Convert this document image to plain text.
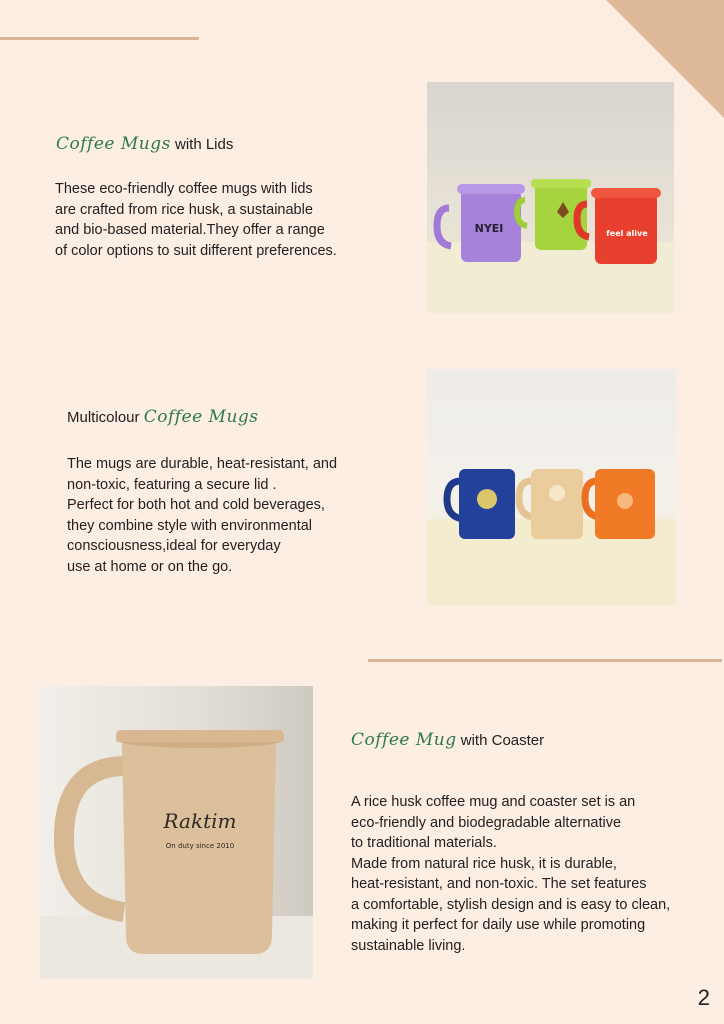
Coffee Mugs with Lids
These eco-friendly coffee mugs with lids
are crafted from rice husk, a sustainable
and bio-based material.They offer a range
of color options to suit different preferences.
NYEI	feel alive
Multicolour Coffee Mugs
The mugs are durable, heat-resistant, and
non-toxic, featuring a secure lid .
Perfect for both hot and cold beverages,
they combine style with environmental
consciousness,ideal for everyday
use at home or on the go.
Raktim
On duty since 2010
Coffee Mug with Coaster
A rice husk coffee mug and coaster set is an
eco-friendly and biodegradable alternative
to traditional materials.
Made from natural rice husk, it is durable,
heat-resistant, and non-toxic. The set features
a comfortable, stylish design and is easy to clean,
making it perfect for daily use while promoting
sustainable living.
2
